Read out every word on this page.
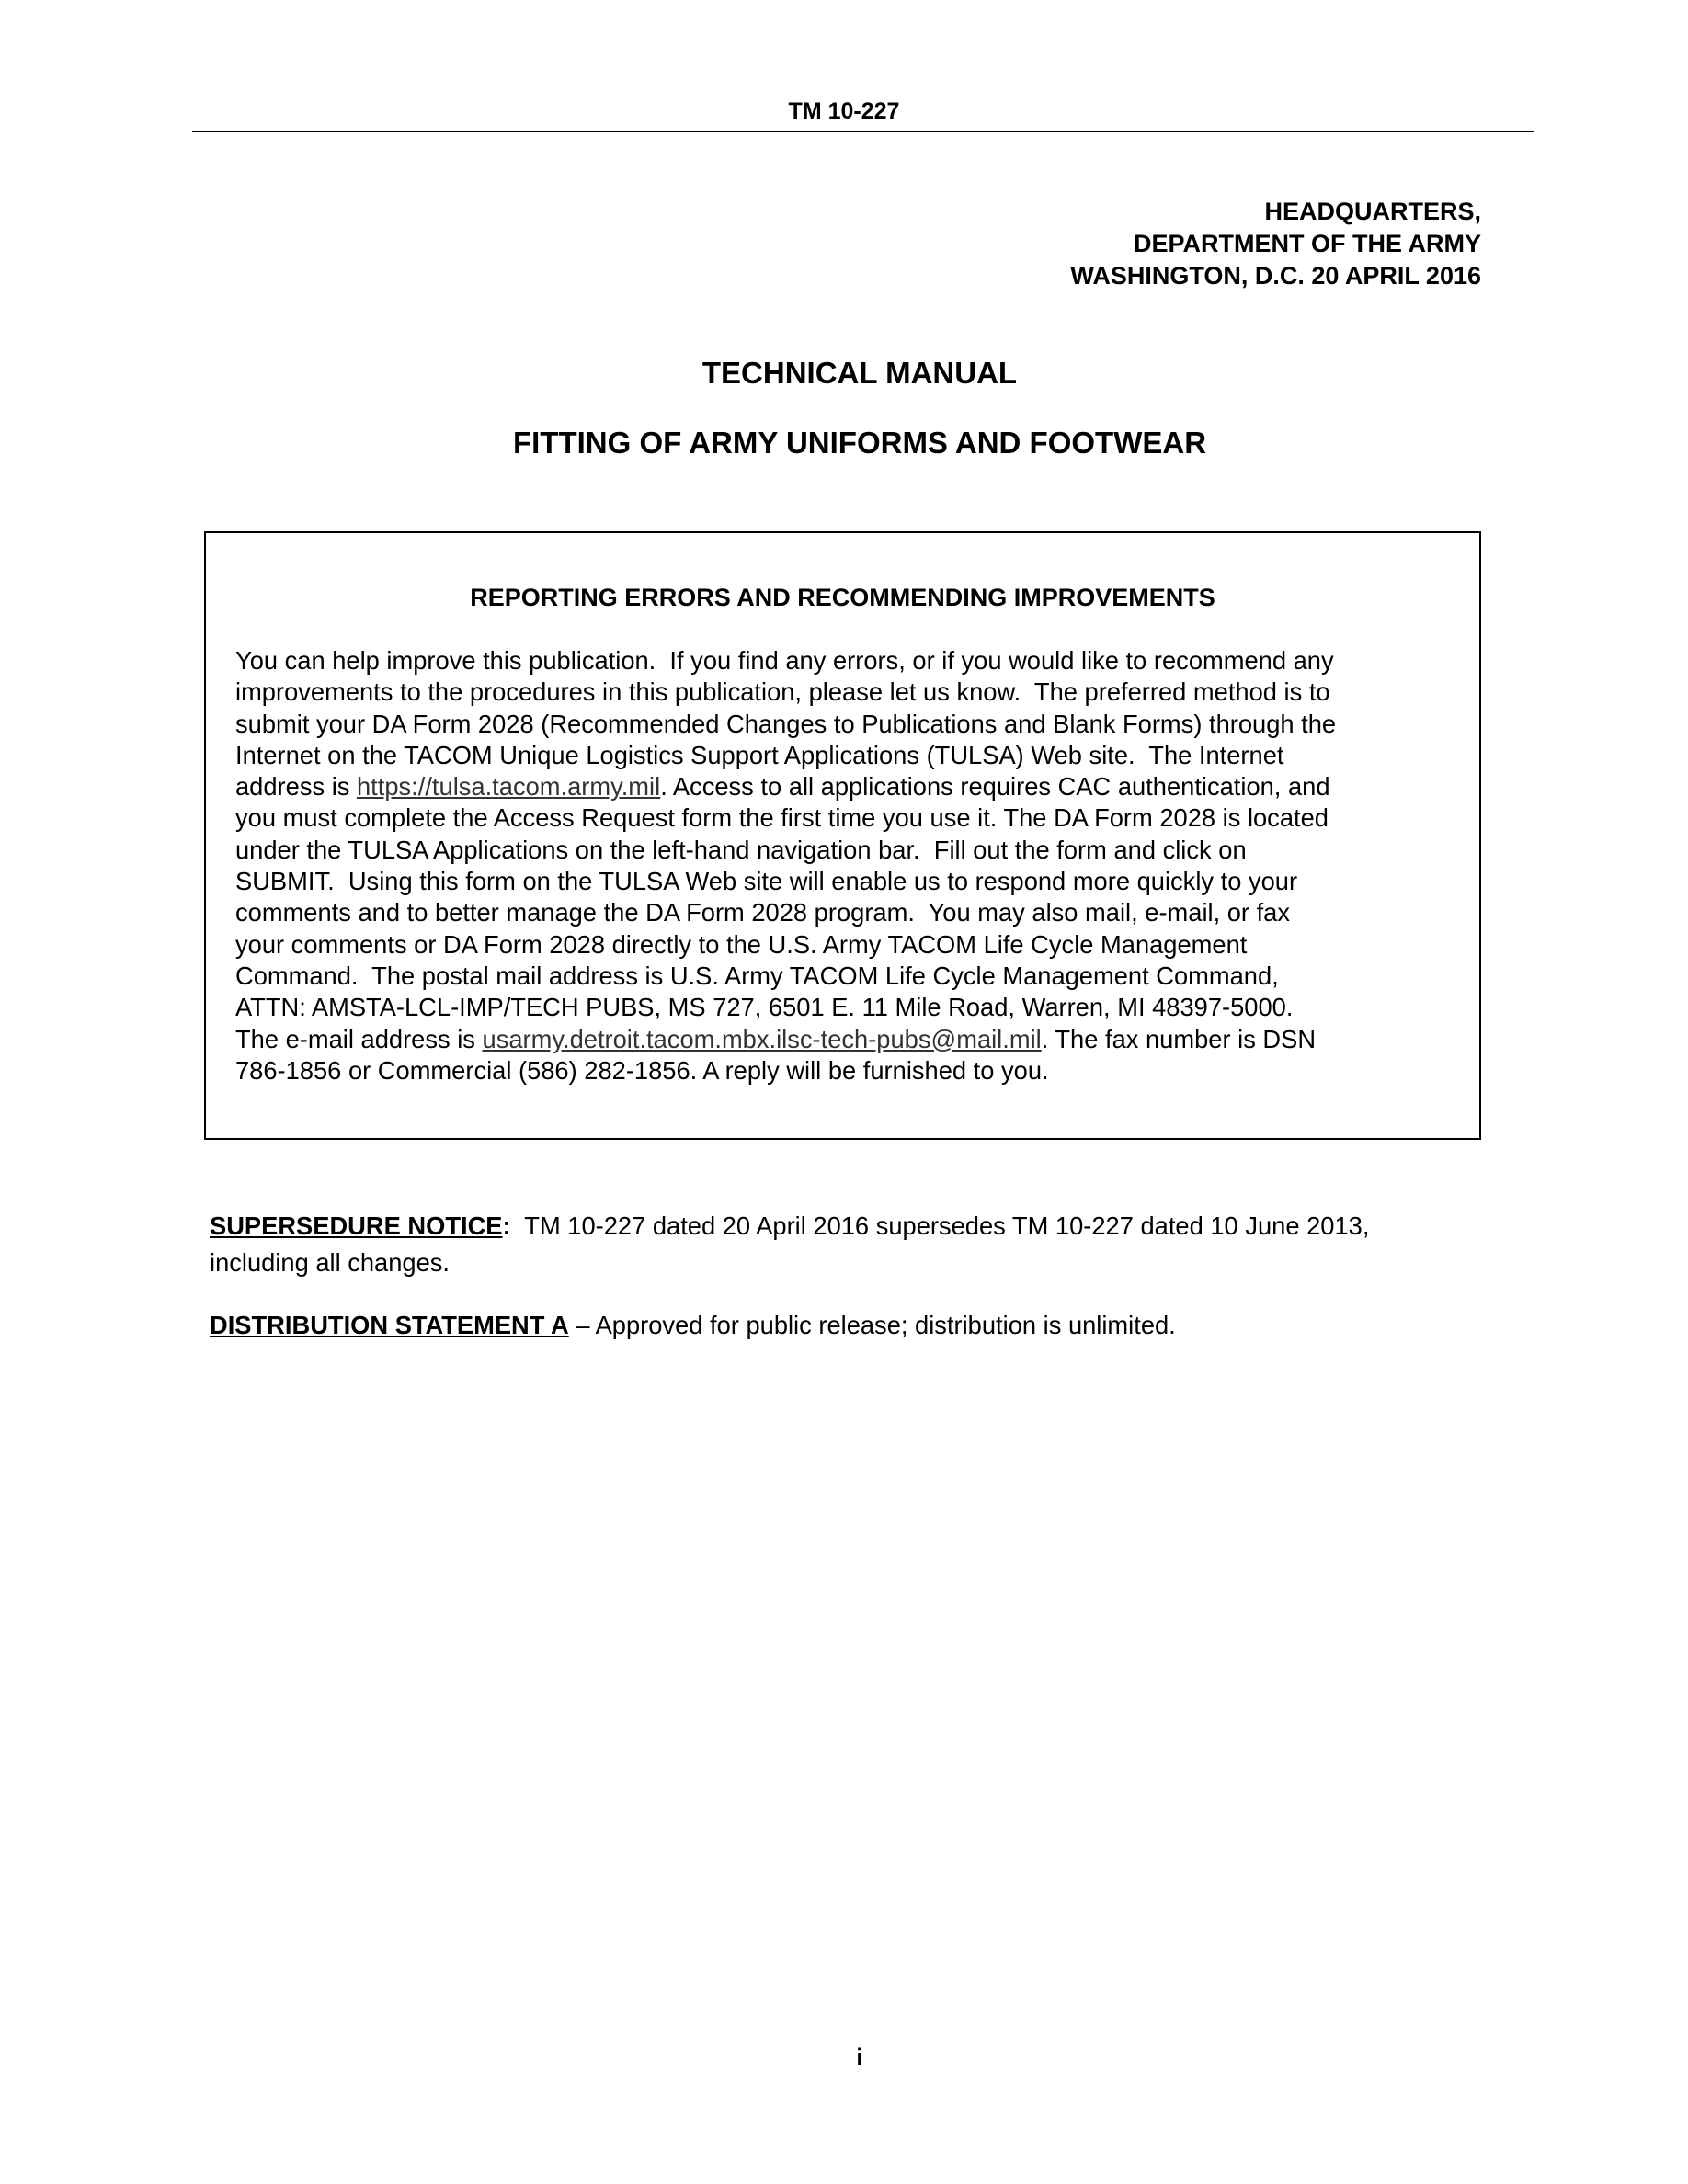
TM 10-227
HEADQUARTERS,
DEPARTMENT OF THE ARMY
WASHINGTON, D.C. 20 APRIL 2016
TECHNICAL MANUAL
FITTING OF ARMY UNIFORMS AND FOOTWEAR
REPORTING ERRORS AND RECOMMENDING IMPROVEMENTS
You can help improve this publication.  If you find any errors, or if you would like to recommend any
improvements to the procedures in this publication, please let us know.  The preferred method is to
submit your DA Form 2028 (Recommended Changes to Publications and Blank Forms) through the
Internet on the TACOM Unique Logistics Support Applications (TULSA) Web site.  The Internet
address is https://tulsa.tacom.army.mil. Access to all applications requires CAC authentication, and
you must complete the Access Request form the first time you use it. The DA Form 2028 is located
under the TULSA Applications on the left-hand navigation bar.  Fill out the form and click on
SUBMIT.  Using this form on the TULSA Web site will enable us to respond more quickly to your
comments and to better manage the DA Form 2028 program.  You may also mail, e-mail, or fax
your comments or DA Form 2028 directly to the U.S. Army TACOM Life Cycle Management
Command.  The postal mail address is U.S. Army TACOM Life Cycle Management Command,
ATTN: AMSTA-LCL-IMP/TECH PUBS, MS 727, 6501 E. 11 Mile Road, Warren, MI 48397-5000.
The e-mail address is usarmy.detroit.tacom.mbx.ilsc-tech-pubs@mail.mil. The fax number is DSN
786-1856 or Commercial (586) 282-1856. A reply will be furnished to you.
SUPERSEDURE NOTICE:  TM 10-227 dated 20 April 2016 supersedes TM 10-227 dated 10 June 2013,
including all changes.
DISTRIBUTION STATEMENT A – Approved for public release; distribution is unlimited.
i
